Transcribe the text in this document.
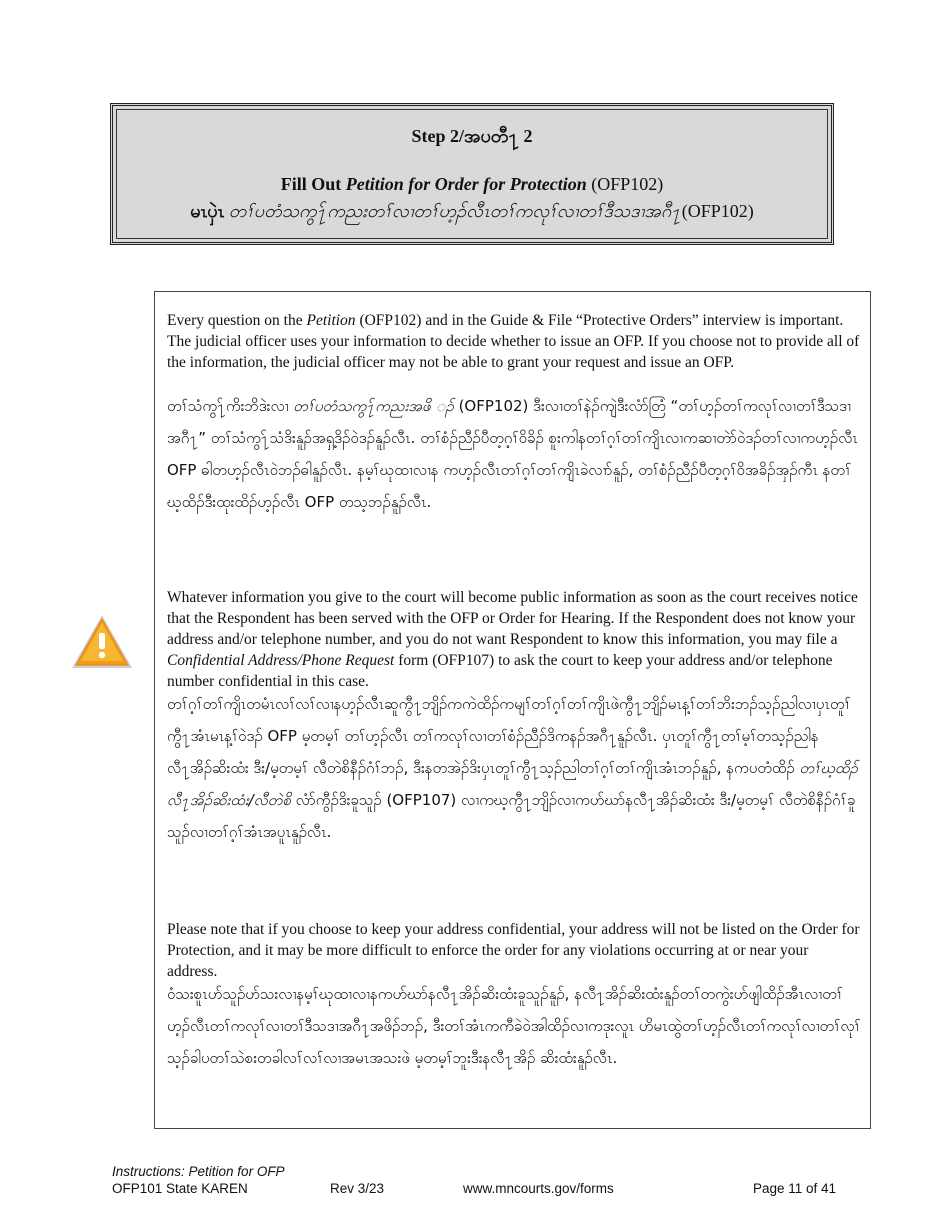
Step 2/အပတီ႑ 2
Fill Out Petition for Order for Protection (OFP102)
မၤပှဲၤ တၢ်ပတံသကွ႑်ကညးတၢ်လၢတၢ်ဟ့ၣ်လီၤတၢ်ကလုၢ်လၢတၢ်ဒီသဒၢအဂီ႑(OFP102)

Every question on the Petition (OFP102) and in the Guide & File “Protective Orders” interview is important. The judicial officer uses your information to decide whether to issue an OFP. If you choose not to provide all of the information, the judicial officer may not be able to grant your request and issue an OFP.

တၢ်သံကွ႑်ကိးဘိဒဲးလၢ တၢ်ပတံသကွ႑်ကညးအဖိ ၣ် (OFP102) ဒီးလၢတၢ်နဲၣ်ကျဲဒီးလံာ်တြံ “တၢ်ဟ့ၣ်တၢ်ကလုၢ်လၢတၢ်ဒီသဒၢအဂီ႑” တၢ်သံကွ႑်သံဒိးနူၣ်အရှ့ဒိၣ်ဝဲဒၣ်နူၣ်လီၤ. တၢ်စံၣ်ညီၣ်ပီတ့ဂ့ၢ်ဝိခိၣ် စူးကါနတၢ်ဂ့ၢ်တၢ်ကျိၤလၢကဆၢတဲာ်ဝဲဒၣ်တၢ်လၢကဟ့ၣ်လီၤ OFP ဓါတဟ့ၣ်လီၤဝဲဘၣ်ဓါနူၣ်လီၤ. နမ့ၢ်ဃုထၢလၢန ကဟ့ၣ်လီၤတၢ်ဂ့ၢ်တၢ်ကျိၤခဲလၢာ်နူၣ်, တၢ်စံၣ်ညီၣ်ပီတ့ဂ့ၢ်ဝိအခိၣ်အှၣ်ကီၤ နတၢ်ဃ့ထိၣ်ဒီးထုးထိၣ်ဟ့ၣ်လီၤ OFP တသ့ဘၣ်နူၣ်လီၤ.

Whatever information you give to the court will become public information as soon as the court receives notice that the Respondent has been served with the OFP or Order for Hearing. If the Respondent does not know your address and/or telephone number, and you do not want Respondent to know this information, you may file a Confidential Address/Phone Request form (OFP107) to ask the court to keep your address and/or telephone number confidential in this case.

တၢ်ဂ့ၢ်တၢ်ကျိၤတမံၤလၢ်လၢ်လၢနဟ့ၣ်လီၤဆူကွီ႑ဘျိၣ်ကကဲထိၣ်ကမျၢ်တၢ်ဂ့ၢ်တၢ်ကျိၤဖဲကွီ႑ဘျိၣ်မၤန့ၢ်တၢ်ဘိးဘၣ်သ့ၣ်ညါလၢပှၤတူၢ်ကွီ႑အံၤမၤန့ၢ်ဝဲဒၣ် OFP မ့တမ့ၢ် တၢ်ဟ့ၣ်လီၤ တၢ်ကလုၢ်လၢတၢ်စံၣ်ညီၣ်ဒိကနၣ်အဂီ႑နူၣ်လီၤ. ပှၤတူၢ်ကွီ႑တၢ်မ့ၢ်တသ့ၣ်ညါနလီ႑အိၣ်ဆိးထံး ဒီး/မ့တမ့ၢ် လီတဲစိနီၣ်ဂံၢ်ဘၣ်, ဒီးနတအဲၣ်ဒိးပှၤတူၢ်ကွီ႑သ့ၣ်ညါတၢ်ဂ့ၢ်တၢ်ကျိၤအံၤဘၣ်နူၣ်, နကပတံထိၣ် တၢ်ဃ့ထိၣ်လီ႑အိၣ်ဆိးထံး/လီတဲစိ လံာ်ကွီၣ်ဒိးခူသူၣ် (OFP107) လၢကဃ့ကွီ႑ဘျိၣ်လၢကဟ်ဃာ်နလီ႑အိၣ်ဆိးထံး ဒီး/မ့တမ့ၢ် လီတဲစိနီၣ်ဂံၢ်ခူသူၣ်လၢတၢ်ဂ့ၢ်အံၤအပူၤနူၣ်လီၤ.

Please note that if you choose to keep your address confidential, your address will not be listed on the Order for Protection, and it may be more difficult to enforce the order for any violations occurring at or near your address.

ဝံသးစူၤဟ်သူၣ်ဟ်သးလၢနမ့ၢ်ဃုထၢလၢနကဟ်ဃာ်နလီ႑အိၣ်ဆိးထံးခူသူၣ်နူၣ်, နလီ႑အိၣ်ဆိးထံးနူၣ်တၢ်တကွဲးဟ်ဖျါထိၣ်အီၤလၢတၢ်ဟ့ၣ်လီၤတၢ်ကလုၢ်လၢတၢ်ဒီသဒၢအဂီ႑အဖိၣ်ဘၣ်, ဒီးတၢ်အံၤကကီခဲဝဲအါထိၣ်လၢကဒုးလူၤ ဟိမၤထွဲတၢ်ဟ့ၣ်လီၤတၢ်ကလုၢ်လၢတၢ်လုၢ်သ့ၣ်ခါပတၢ်သဲစးတခါလၢ်လၢ်လၢအမၤအသးဖဲ မ့တမ့ၢ်ဘူးဒီးနလီ႑အိၣ် ဆိးထံးနူၣ်လီၤ.

Instructions: Petition for OFP
OFP101 State KAREN	Rev 3/23	www.mncourts.gov/forms	Page 11 of 41
